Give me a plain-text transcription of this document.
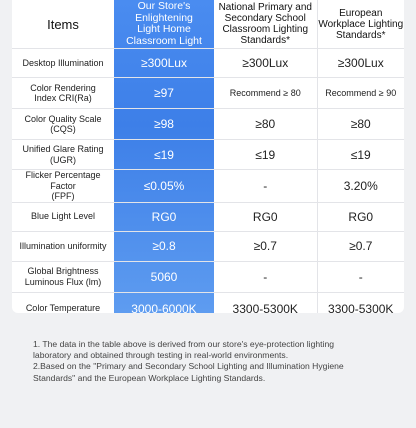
Items	Our Store's
Enlightening
Light Home
Classroom Light	National Primary and
Secondary School
Classroom Lighting
Standards*	European
Workplace Lighting
Standards*
Desktop Illumination	≥300Lux	≥300Lux	≥300Lux
Color Rendering
Index CRI(Ra)	≥97	Recommend ≥ 80	Recommend ≥ 90
Color Quality Scale
(CQS)	≥98	≥80	≥80
Unified Glare Rating
(UGR)	≤19	≤19	≤19
Flicker Percentage Factor
(FPF)	≤0.05%	-	3.20%
Blue Light Level	RG0	RG0	RG0
Illumination uniformity	≥0.8	≥0.7	≥0.7
Global Brightness
Luminous Flux (lm)	5060	-	-
Color Temperature	3000-6000K	3300-5300K	3300-5300K

1. The data in the table above is derived from our store's eye-protection lighting
laboratory and obtained through testing in real-world environments.

2.Based on the "Primary and Secondary School Lighting and Illumination Hygiene
Standards" and the European Workplace Lighting Standards.
